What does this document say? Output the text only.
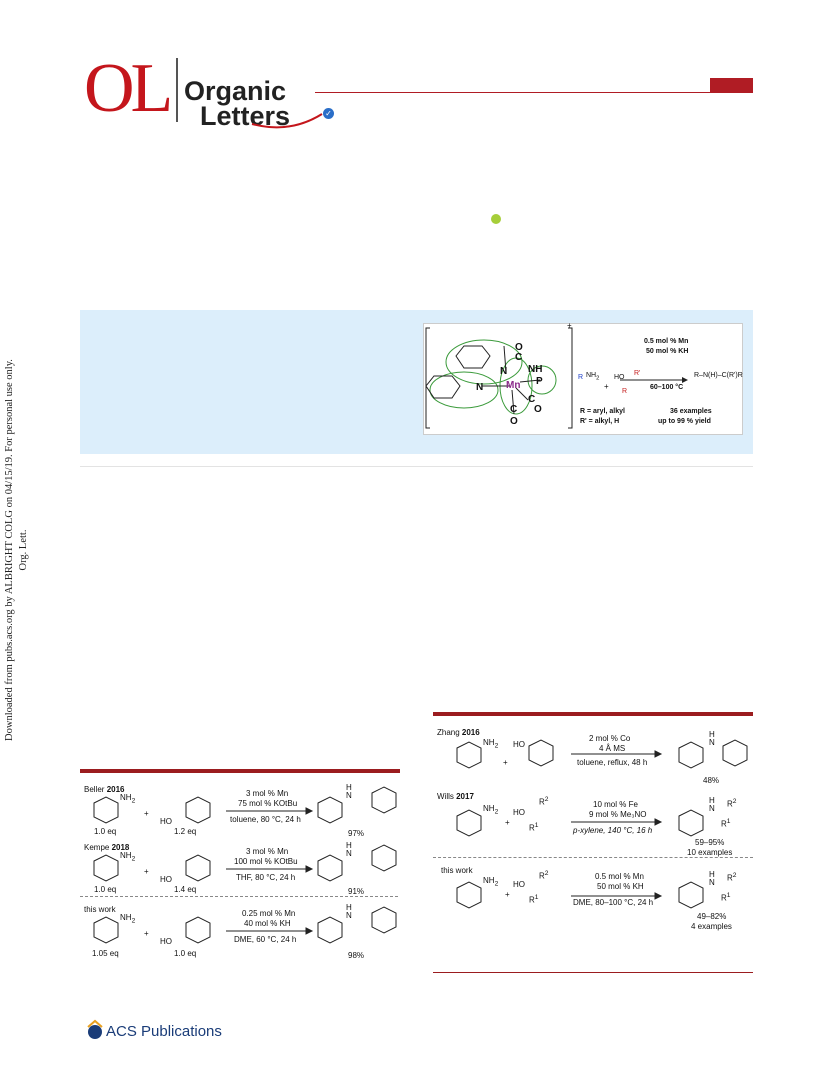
OL Organic
Letters	✓
Downloaded from pubs.acs.org by ALBRIGHT COLG on 04/15/19. For personal use only. Org. Lett.
+
O
C
NH
N
Mn P
N
C
O
C
O
R $NH_2$
+
HO
R
R'
0.5 mol % Mn
50 mol % KH
60–100 °C
R–N(H)–C(R')R
R = aryl, alkyl
R' = alkyl, H
36 examples
up to 99 % yield
Beller 2016
$NH_2$
+
HO
1.0 eq	1.2 eq
3 mol % Mn
75 mol % KOtBu
toluene, 80 °C, 24 h
H
N
97%
Kempe 2018
$NH_2$
+
HO
1.0 eq	1.4 eq
3 mol % Mn
100 mol % KOtBu
THF, 80 °C, 24 h
H
N
91%
this work
$NH_2$
+
HO
1.05 eq	1.0 eq
0.25 mol % Mn
40 mol % KH
DME, 60 °C, 24 h
H
N
98%
Zhang 2016
$NH_2$
+
HO
2 mol % Co
4 Å MS
toluene, reflux, 48 h
H
N
48%
Wills 2017
$NH_2$
+
HO
$R^2$
$R^1$
10 mol % Fe
9 mol % Me₃NO
p-xylene, 140 °C, 16 h
H
N $R^2$
$R^1$
59–95%
10 examples
this work
$NH_2$
+
HO
$R^2$
$R^1$
0.5 mol % Mn
50 mol % KH
DME, 80–100 °C, 24 h
H
N $R^2$
$R^1$
49–82%
4 examples
ACS Publications
